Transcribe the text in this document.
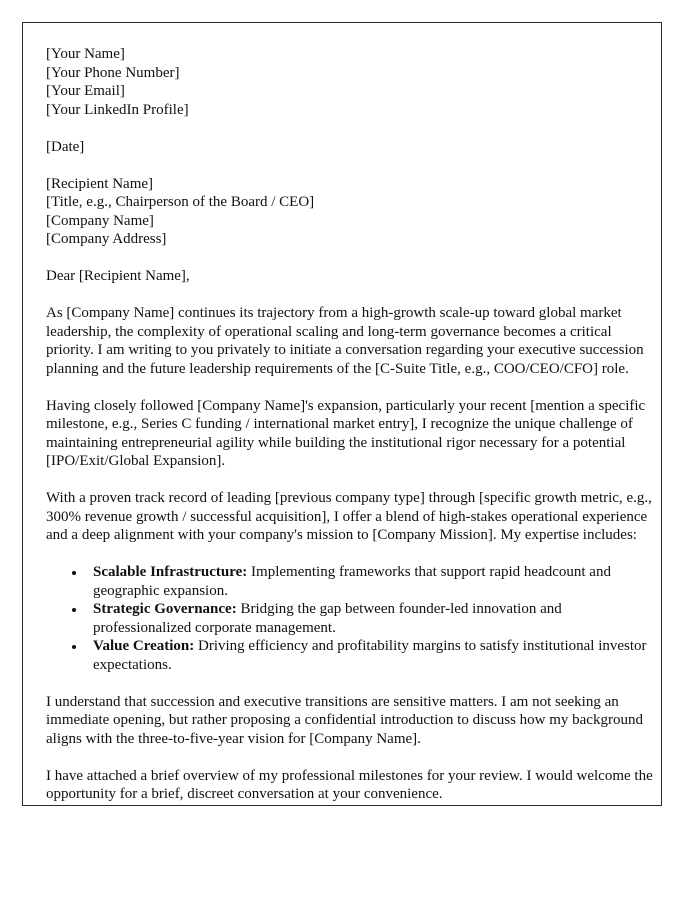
[Your Name]
[Your Phone Number]
[Your Email]
[Your LinkedIn Profile]
[Date]
[Recipient Name]
[Title, e.g., Chairperson of the Board / CEO]
[Company Name]
[Company Address]

Dear [Recipient Name],

As [Company Name] continues its trajectory from a high-growth scale-up toward global market leadership, the complexity of operational scaling and long-term governance becomes a critical priority. I am writing to you privately to initiate a conversation regarding your executive succession planning and the future leadership requirements of the [C-Suite Title, e.g., COO/CEO/CFO] role.

Having closely followed [Company Name]'s expansion, particularly your recent [mention a specific milestone, e.g., Series C funding / international market entry], I recognize the unique challenge of maintaining entrepreneurial agility while building the institutional rigor necessary for a potential [IPO/Exit/Global Expansion].

With a proven track record of leading [previous company type] through [specific growth metric, e.g., 300% revenue growth / successful acquisition], I offer a blend of high-stakes operational experience and a deep alignment with your company's mission to [Company Mission]. My expertise includes:

Scalable Infrastructure: Implementing frameworks that support rapid headcount and geographic expansion.
Strategic Governance: Bridging the gap between founder-led innovation and professionalized corporate management.
Value Creation: Driving efficiency and profitability margins to satisfy institutional investor expectations.

I understand that succession and executive transitions are sensitive matters. I am not seeking an immediate opening, but rather proposing a confidential introduction to discuss how my background aligns with the three-to-five-year vision for [Company Name].

I have attached a brief overview of my professional milestones for your review. I would welcome the opportunity for a brief, discreet conversation at your convenience.
